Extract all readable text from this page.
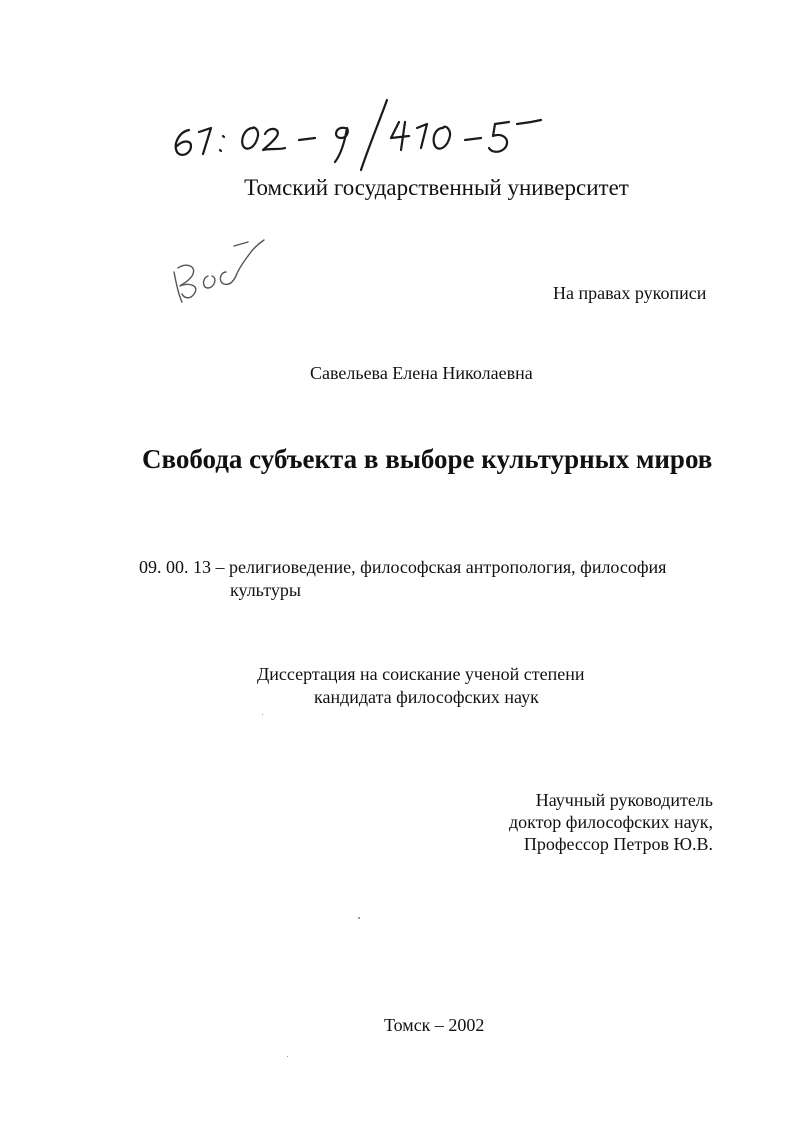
Томский государственный университет
На правах рукописи
Савельева Елена Николаевна
Свобода субъекта в выборе культурных миров
09. 00. 13 – религиоведение, философская антропология, философия
культуры
Диссертация на соискание ученой степени
кандидата философских наук
Научный руководитель
доктор философских наук,
Профессор Петров Ю.В.
Томск – 2002
